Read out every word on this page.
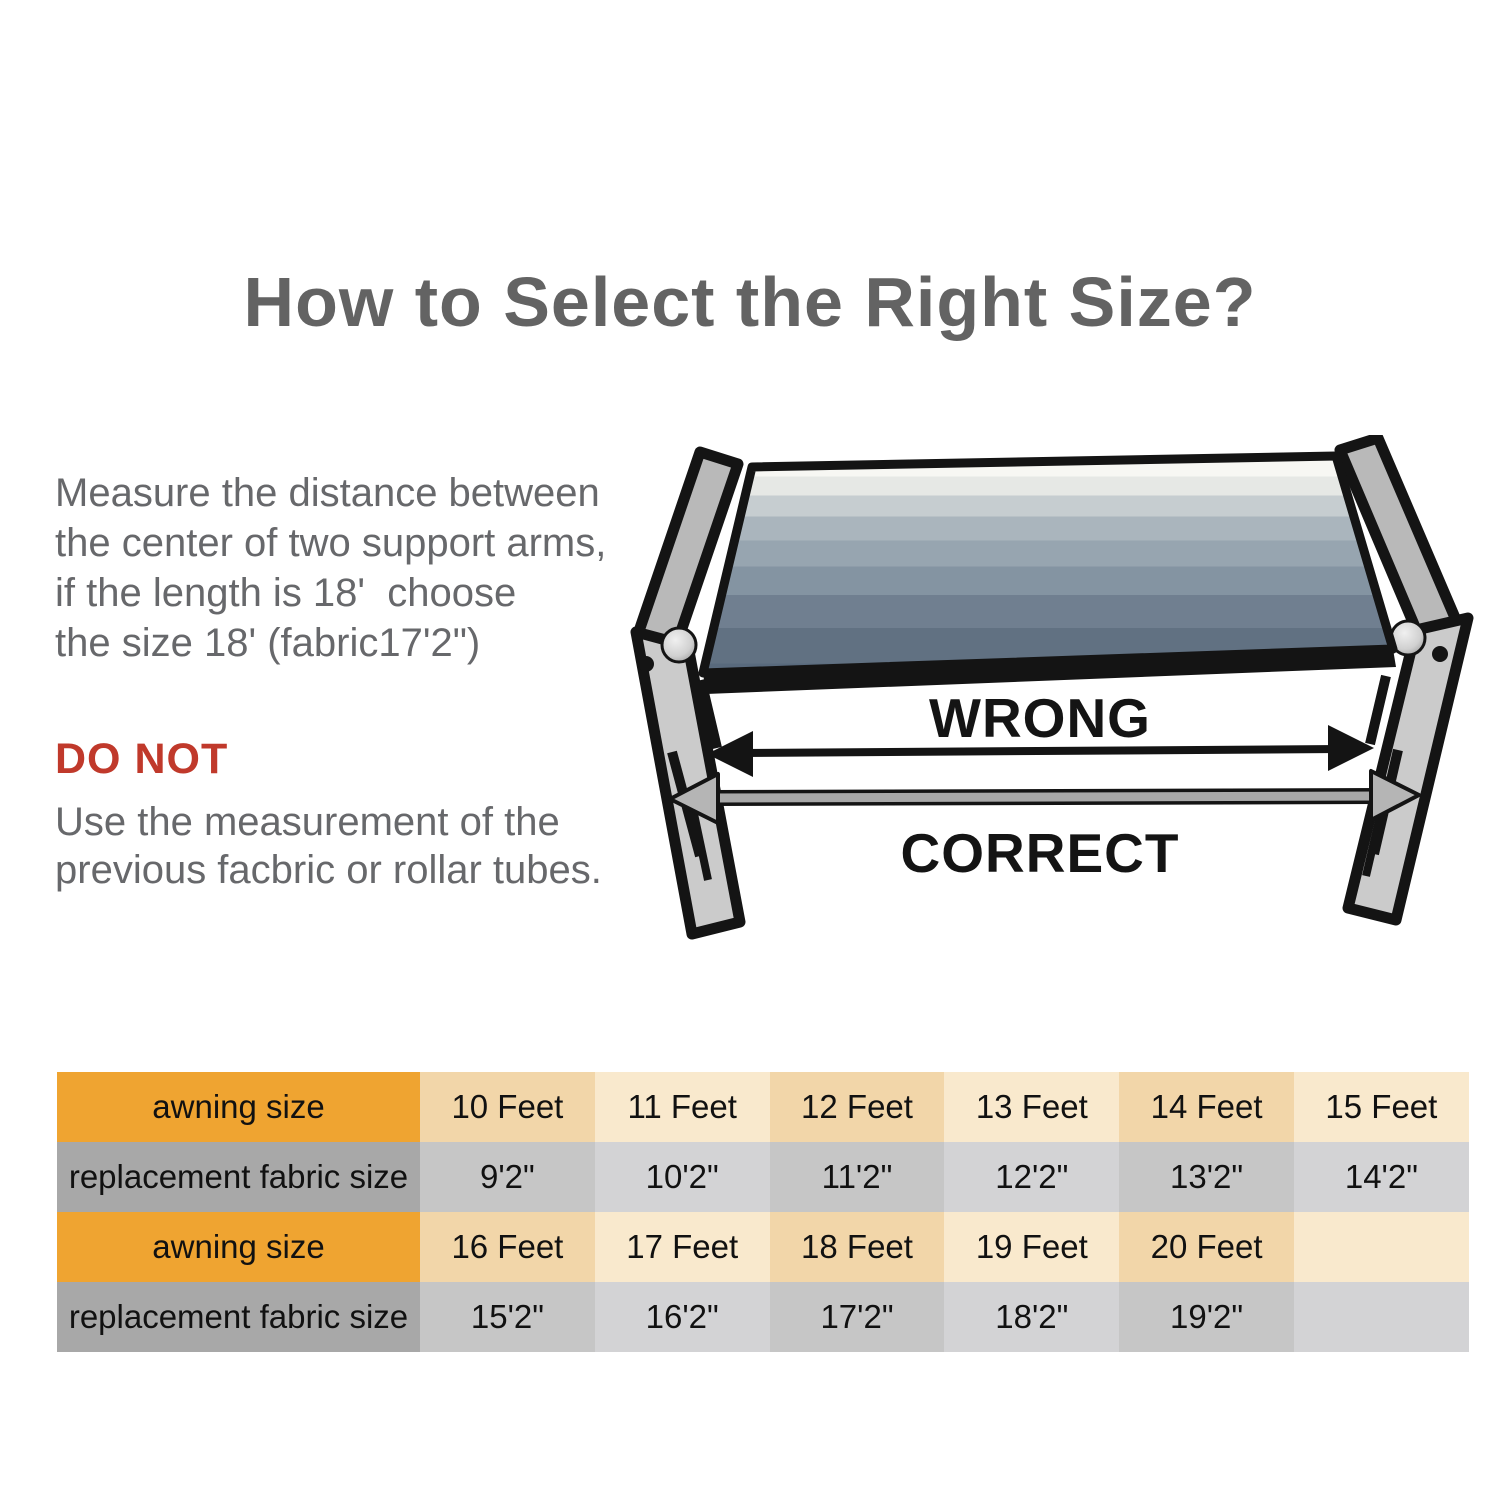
How to Select the Right Size?
Measure the distance between
the center of two support arms,
if the length is 18'  choose
the size 18' (fabric17'2")
DO NOT
Use the measurement of the
previous facbric or rollar tubes.
WRONG
CORRECT
awning size	10 Feet	11 Feet	12 Feet	13 Feet	14 Feet	15 Feet
replacement fabric size	9'2"	10'2"	11'2"	12'2"	13'2"	14'2"
awning size	16 Feet	17 Feet	18 Feet	19 Feet	20 Feet
replacement fabric size	15'2"	16'2"	17'2"	18'2"	19'2"
